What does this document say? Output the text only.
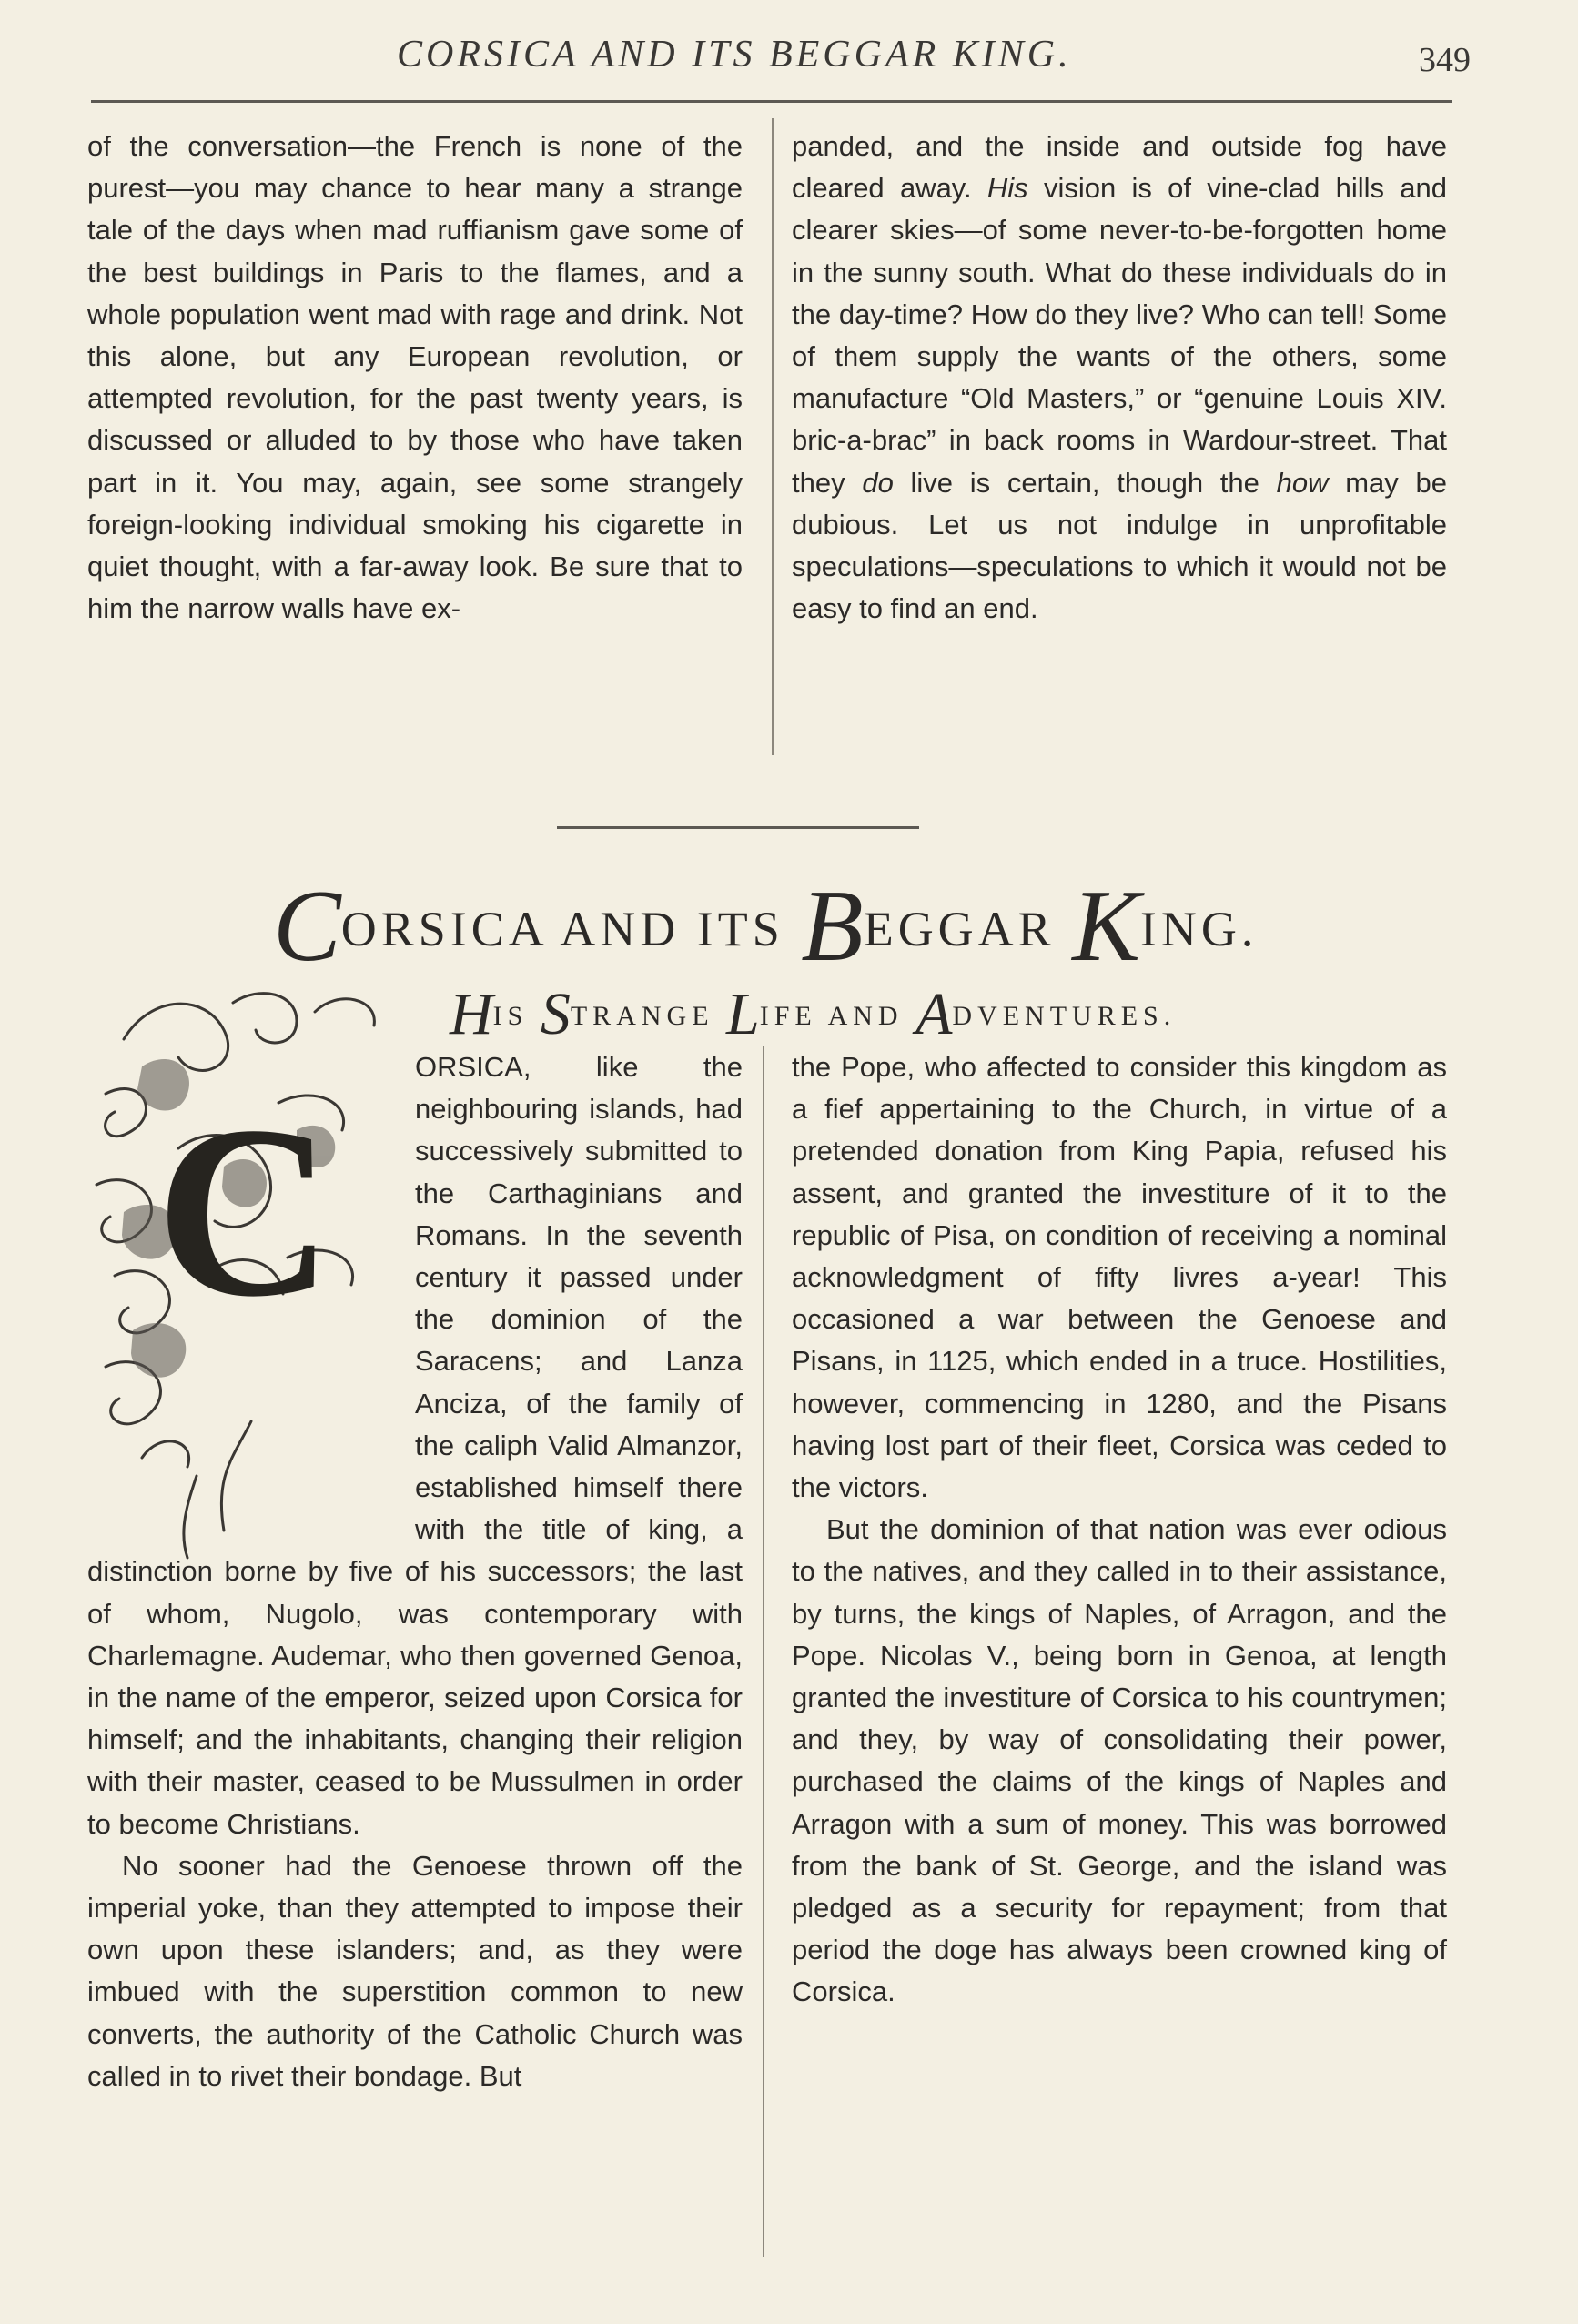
CORSICA AND ITS BEGGAR KING.	349

of the conversation—the French is none of the purest—you may chance to hear many a strange tale of the days when mad ruffianism gave some of the best buildings in Paris to the flames, and a whole population went mad with rage and drink. Not this alone, but any European revolution, or attempted revolution, for the past twenty years, is discussed or alluded to by those who have taken part in it. You may, again, see some strangely foreign-looking individual smoking his cigarette in quiet thought, with a far-away look. Be sure that to him the narrow walls have ex-

panded, and the inside and outside fog have cleared away. His vision is of vine-clad hills and clearer skies—of some never-to-be-forgotten home in the sunny south. What do these individuals do in the day-time? How do they live? Who can tell! Some of them supply the wants of the others, some manufacture “Old Masters,” or “genuine Louis XIV. bric-a-brac” in back rooms in Wardour-street. That they do live is certain, though the how may be dubious. Let us not indulge in unprofitable speculations—speculations to which it would not be easy to find an end.

CORSICA AND ITS BEGGAR KING.
HIS STRANGE LIFE AND ADVENTURES.
C

ORSICA, like the neighbouring islands, had successively submitted to the Carthaginians and Romans. In the seventh century it passed under the dominion of the Saracens; and Lanza Anciza, of the family of the caliph Valid Almanzor, established himself there with the title of king, a distinction borne by five of his successors; the last of whom, Nugolo, was contemporary with Charlemagne. Audemar, who then governed Genoa, in the name of the emperor, seized upon Corsica for himself; and the inhabitants, changing their religion with their master, ceased to be Mussulmen in order to become Christians.

No sooner had the Genoese thrown off the imperial yoke, than they attempted to impose their own upon these islanders; and, as they were imbued with the superstition common to new converts, the authority of the Catholic Church was called in to rivet their bondage. But

the Pope, who affected to consider this kingdom as a fief appertaining to the Church, in virtue of a pretended donation from King Papia, refused his assent, and granted the investiture of it to the republic of Pisa, on condition of receiving a nominal acknowledgment of fifty livres a-year! This occasioned a war between the Genoese and Pisans, in 1125, which ended in a truce. Hostilities, however, commencing in 1280, and the Pisans having lost part of their fleet, Corsica was ceded to the victors.

But the dominion of that nation was ever odious to the natives, and they called in to their assistance, by turns, the kings of Naples, of Arragon, and the Pope. Nicolas V., being born in Genoa, at length granted the investiture of Corsica to his countrymen; and they, by way of consolidating their power, purchased the claims of the kings of Naples and Arragon with a sum of money. This was borrowed from the bank of St. George, and the island was pledged as a security for repayment; from that period the doge has always been crowned king of Corsica.
